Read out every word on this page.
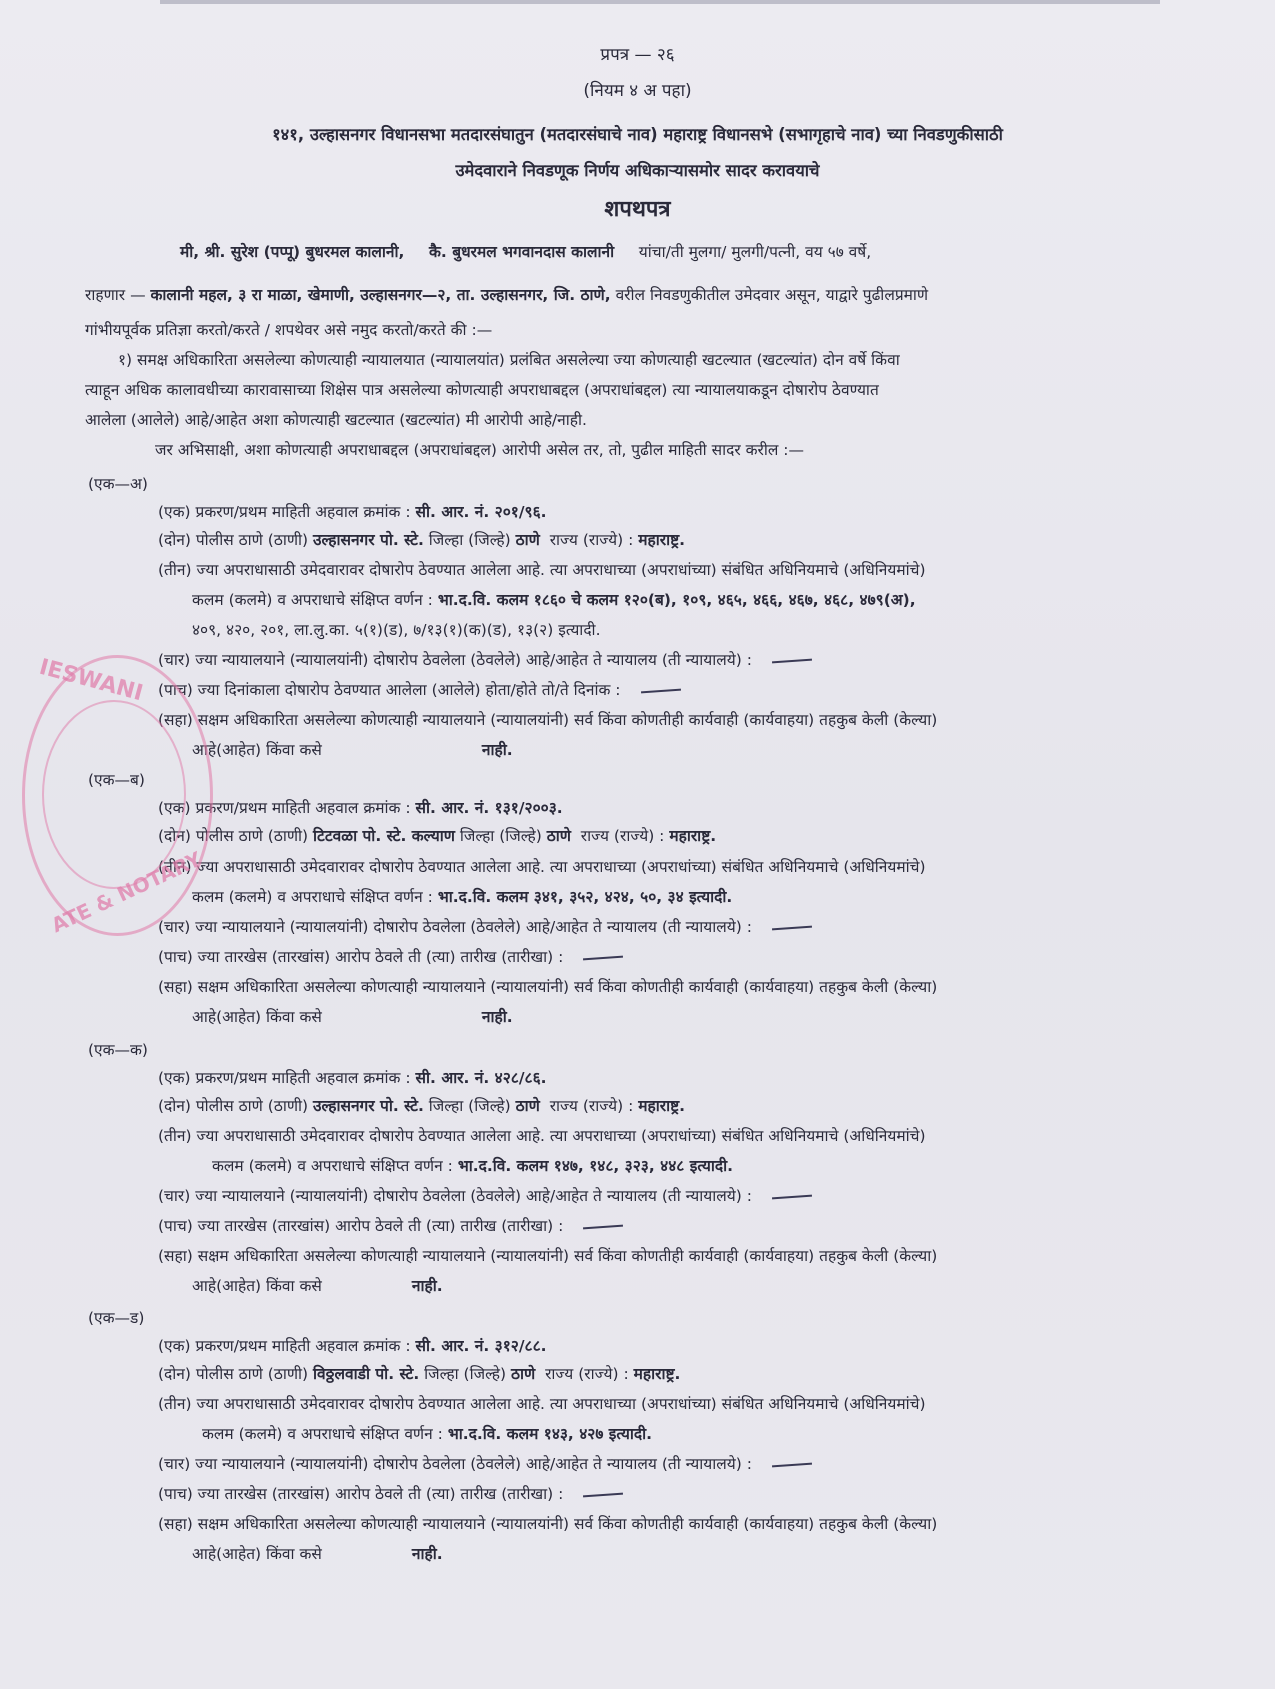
प्रपत्र — २६
(नियम ४ अ पहा)
१४१, उल्हासनगर विधानसभा मतदारसंघातुन (मतदारसंघाचे नाव) महाराष्ट्र विधानसभे (सभागृहाचे नाव) च्या निवडणुकीसाठी
उमेदवाराने निवडणूक निर्णय अधिकाऱ्यासमोर सादर करावयाचे
शपथपत्र
मी, श्री. सुरेश (पप्पू) बुधरमल कालानी, कै. बुधरमल भगवानदास कालानी यांचा/ती मुलगा/ मुलगी/पत्नी, वय ५७ वर्षे,
राहणार — कालानी महल, ३ रा माळा, खेमाणी, उल्हासनगर—२, ता. उल्हासनगर, जि. ठाणे, वरील निवडणुकीतील उमेदवार असून, याद्वारे पुढीलप्रमाणे
गांभीयपूर्वक प्रतिज्ञा करतो/करते / शपथेवर असे नमुद करतो/करते की :—
१) समक्ष अधिकारिता असलेल्या कोणत्याही न्यायालयात (न्यायालयांत) प्रलंबित असलेल्या ज्या कोणत्याही खटल्यात (खटल्यांत) दोन वर्षे किंवा
त्याहून अधिक कालावधीच्या कारावासाच्या शिक्षेस पात्र असलेल्या कोणत्याही अपराधाबद्दल (अपराधांबद्दल) त्या न्यायालयाकडून दोषारोप ठेवण्यात
आलेला (आलेले) आहे/आहेत अशा कोणत्याही खटल्यात (खटल्यांत) मी आरोपी आहे/नाही.
जर अभिसाक्षी, अशा कोणत्याही अपराधाबद्दल (अपराधांबद्दल) आरोपी असेल तर, तो, पुढील माहिती सादर करील :—
(एक—अ)
(एक) प्रकरण/प्रथम माहिती अहवाल क्रमांक : सी. आर. नं. २०१/९६.
(दोन) पोलीस ठाणे (ठाणी) उल्हासनगर पो. स्टे. जिल्हा (जिल्हे) ठाणे राज्य (राज्ये) : महाराष्ट्र.
(तीन) ज्या अपराधासाठी उमेदवारावर दोषारोप ठेवण्यात आलेला आहे. त्या अपराधाच्या (अपराधांच्या) संबंधित अधिनियमाचे (अधिनियमांचे)
कलम (कलमे) व अपराधाचे संक्षिप्त वर्णन : भा.द.वि. कलम १८६० चे कलम १२०(ब), १०९, ४६५, ४६६, ४६७, ४६८, ४७९(अ),
४०९, ४२०, २०१, ला.लु.का. ५(१)(ड), ७/१३(१)(क)(ड), १३(२) इत्यादी.
(चार) ज्या न्यायालयाने (न्यायालयांनी) दोषारोप ठेवलेला (ठेवलेले) आहे/आहेत ते न्यायालय (ती न्यायालये) :
(पाच) ज्या दिनांकाला दोषारोप ठेवण्यात आलेला (आलेले) होता/होते तो/ते दिनांक :
(सहा) सक्षम अधिकारिता असलेल्या कोणत्याही न्यायालयाने (न्यायालयांनी) सर्व किंवा कोणतीही कार्यवाही (कार्यवाहया) तहकुब केली (केल्या)
आहे(आहेत) किंवा कसे	नाही.
(एक—ब)
(एक) प्रकरण/प्रथम माहिती अहवाल क्रमांक : सी. आर. नं. १३१/२००३.
(दोन) पोलीस ठाणे (ठाणी) टिटवळा पो. स्टे. कल्याण जिल्हा (जिल्हे) ठाणे राज्य (राज्ये) : महाराष्ट्र.
(तीन) ज्या अपराधासाठी उमेदवारावर दोषारोप ठेवण्यात आलेला आहे. त्या अपराधाच्या (अपराधांच्या) संबंधित अधिनियमाचे (अधिनियमांचे)
कलम (कलमे) व अपराधाचे संक्षिप्त वर्णन : भा.द.वि. कलम ३४१, ३५२, ४२४, ५०, ३४ इत्यादी.
(चार) ज्या न्यायालयाने (न्यायालयांनी) दोषारोप ठेवलेला (ठेवलेले) आहे/आहेत ते न्यायालय (ती न्यायालये) :
(पाच) ज्या तारखेस (तारखांस) आरोप ठेवले ती (त्या) तारीख (तारीखा) :
(सहा) सक्षम अधिकारिता असलेल्या कोणत्याही न्यायालयाने (न्यायालयांनी) सर्व किंवा कोणतीही कार्यवाही (कार्यवाहया) तहकुब केली (केल्या)
आहे(आहेत) किंवा कसे	नाही.
(एक—क)
(एक) प्रकरण/प्रथम माहिती अहवाल क्रमांक : सी. आर. नं. ४२८/८६.
(दोन) पोलीस ठाणे (ठाणी) उल्हासनगर पो. स्टे. जिल्हा (जिल्हे) ठाणे राज्य (राज्ये) : महाराष्ट्र.
(तीन) ज्या अपराधासाठी उमेदवारावर दोषारोप ठेवण्यात आलेला आहे. त्या अपराधाच्या (अपराधांच्या) संबंधित अधिनियमाचे (अधिनियमांचे)
कलम (कलमे) व अपराधाचे संक्षिप्त वर्णन : भा.द.वि. कलम १४७, १४८, ३२३, ४४८ इत्यादी.
(चार) ज्या न्यायालयाने (न्यायालयांनी) दोषारोप ठेवलेला (ठेवलेले) आहे/आहेत ते न्यायालय (ती न्यायालये) :
(पाच) ज्या तारखेस (तारखांस) आरोप ठेवले ती (त्या) तारीख (तारीखा) :
(सहा) सक्षम अधिकारिता असलेल्या कोणत्याही न्यायालयाने (न्यायालयांनी) सर्व किंवा कोणतीही कार्यवाही (कार्यवाहया) तहकुब केली (केल्या)
आहे(आहेत) किंवा कसे	नाही.
(एक—ड)
(एक) प्रकरण/प्रथम माहिती अहवाल क्रमांक : सी. आर. नं. ३१२/८८.
(दोन) पोलीस ठाणे (ठाणी) विठ्ठलवाडी पो. स्टे. जिल्हा (जिल्हे) ठाणे राज्य (राज्ये) : महाराष्ट्र.
(तीन) ज्या अपराधासाठी उमेदवारावर दोषारोप ठेवण्यात आलेला आहे. त्या अपराधाच्या (अपराधांच्या) संबंधित अधिनियमाचे (अधिनियमांचे)
कलम (कलमे) व अपराधाचे संक्षिप्त वर्णन : भा.द.वि. कलम १४३, ४२७ इत्यादी.
(चार) ज्या न्यायालयाने (न्यायालयांनी) दोषारोप ठेवलेला (ठेवलेले) आहे/आहेत ते न्यायालय (ती न्यायालये) :
(पाच) ज्या तारखेस (तारखांस) आरोप ठेवले ती (त्या) तारीख (तारीखा) :
(सहा) सक्षम अधिकारिता असलेल्या कोणत्याही न्यायालयाने (न्यायालयांनी) सर्व किंवा कोणतीही कार्यवाही (कार्यवाहया) तहकुब केली (केल्या)
आहे(आहेत) किंवा कसे	नाही.
IESWANI
ATE & NOTARY
